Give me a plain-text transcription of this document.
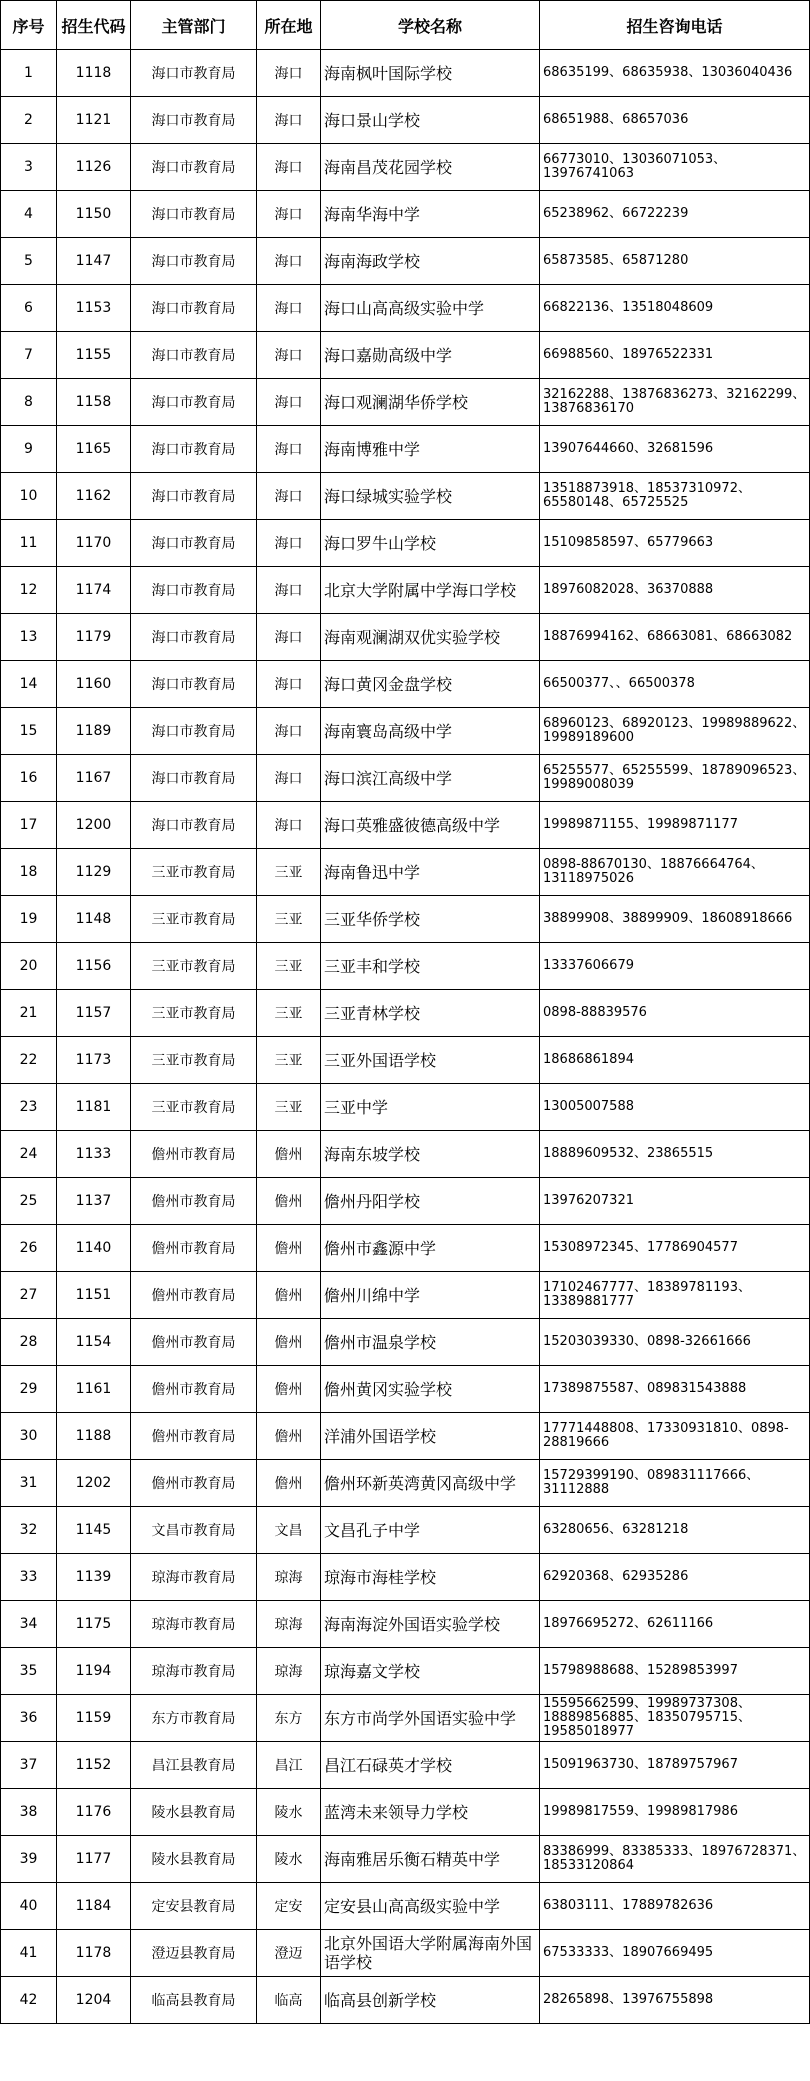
序号	招生代码	主管部门	所在地	学校名称	招生咨询电话
1	1118	海口市教育局	海口	海南枫叶国际学校	68635199、68635938、13036040436
2	1121	海口市教育局	海口	海口景山学校	68651988、68657036
3	1126	海口市教育局	海口	海南昌茂花园学校	66773010、13036071053、13976741063
4	1150	海口市教育局	海口	海南华海中学	65238962、66722239
5	1147	海口市教育局	海口	海南海政学校	65873585、65871280
6	1153	海口市教育局	海口	海口山高高级实验中学	66822136、13518048609
7	1155	海口市教育局	海口	海口嘉勋高级中学	66988560、18976522331
8	1158	海口市教育局	海口	海口观澜湖华侨学校	32162288、13876836273、32162299、13876836170
9	1165	海口市教育局	海口	海南博雅中学	13907644660、32681596
10	1162	海口市教育局	海口	海口绿城实验学校	13518873918、18537310972、65580148、65725525
11	1170	海口市教育局	海口	海口罗牛山学校	15109858597、65779663
12	1174	海口市教育局	海口	北京大学附属中学海口学校	18976082028、36370888
13	1179	海口市教育局	海口	海南观澜湖双优实验学校	18876994162、68663081、68663082
14	1160	海口市教育局	海口	海口黄冈金盘学校	66500377、、66500378
15	1189	海口市教育局	海口	海南寰岛高级中学	68960123、68920123、19989889622、19989189600
16	1167	海口市教育局	海口	海口滨江高级中学	65255577、65255599、18789096523、19989008039
17	1200	海口市教育局	海口	海口英雅盛彼德高级中学	19989871155、19989871177
18	1129	三亚市教育局	三亚	海南鲁迅中学	0898-88670130、18876664764、13118975026
19	1148	三亚市教育局	三亚	三亚华侨学校	38899908、38899909、18608918666
20	1156	三亚市教育局	三亚	三亚丰和学校	13337606679
21	1157	三亚市教育局	三亚	三亚青林学校	0898-88839576
22	1173	三亚市教育局	三亚	三亚外国语学校	18686861894
23	1181	三亚市教育局	三亚	三亚中学	13005007588
24	1133	儋州市教育局	儋州	海南东坡学校	18889609532、23865515
25	1137	儋州市教育局	儋州	儋州丹阳学校	13976207321
26	1140	儋州市教育局	儋州	儋州市鑫源中学	15308972345、17786904577
27	1151	儋州市教育局	儋州	儋州川绵中学	17102467777、18389781193、13389881777
28	1154	儋州市教育局	儋州	儋州市温泉学校	15203039330、0898-32661666
29	1161	儋州市教育局	儋州	儋州黄冈实验学校	17389875587、089831543888
30	1188	儋州市教育局	儋州	洋浦外国语学校	17771448808、17330931810、0898-28819666
31	1202	儋州市教育局	儋州	儋州环新英湾黄冈高级中学	15729399190、089831117666、31112888
32	1145	文昌市教育局	文昌	文昌孔子中学	63280656、63281218
33	1139	琼海市教育局	琼海	琼海市海桂学校	62920368、62935286
34	1175	琼海市教育局	琼海	海南海淀外国语实验学校	18976695272、62611166
35	1194	琼海市教育局	琼海	琼海嘉文学校	15798988688、15289853997
36	1159	东方市教育局	东方	东方市尚学外国语实验中学	15595662599、19989737308、18889856885、18350795715、19585018977
37	1152	昌江县教育局	昌江	昌江石碌英才学校	15091963730、18789757967
38	1176	陵水县教育局	陵水	蓝湾未来领导力学校	19989817559、19989817986
39	1177	陵水县教育局	陵水	海南雅居乐衡石精英中学	83386999、83385333、18976728371、18533120864
40	1184	定安县教育局	定安	定安县山高高级实验中学	63803111、17889782636
41	1178	澄迈县教育局	澄迈	北京外国语大学附属海南外国语学校	67533333、18907669495
42	1204	临高县教育局	临高	临高县创新学校	28265898、13976755898
